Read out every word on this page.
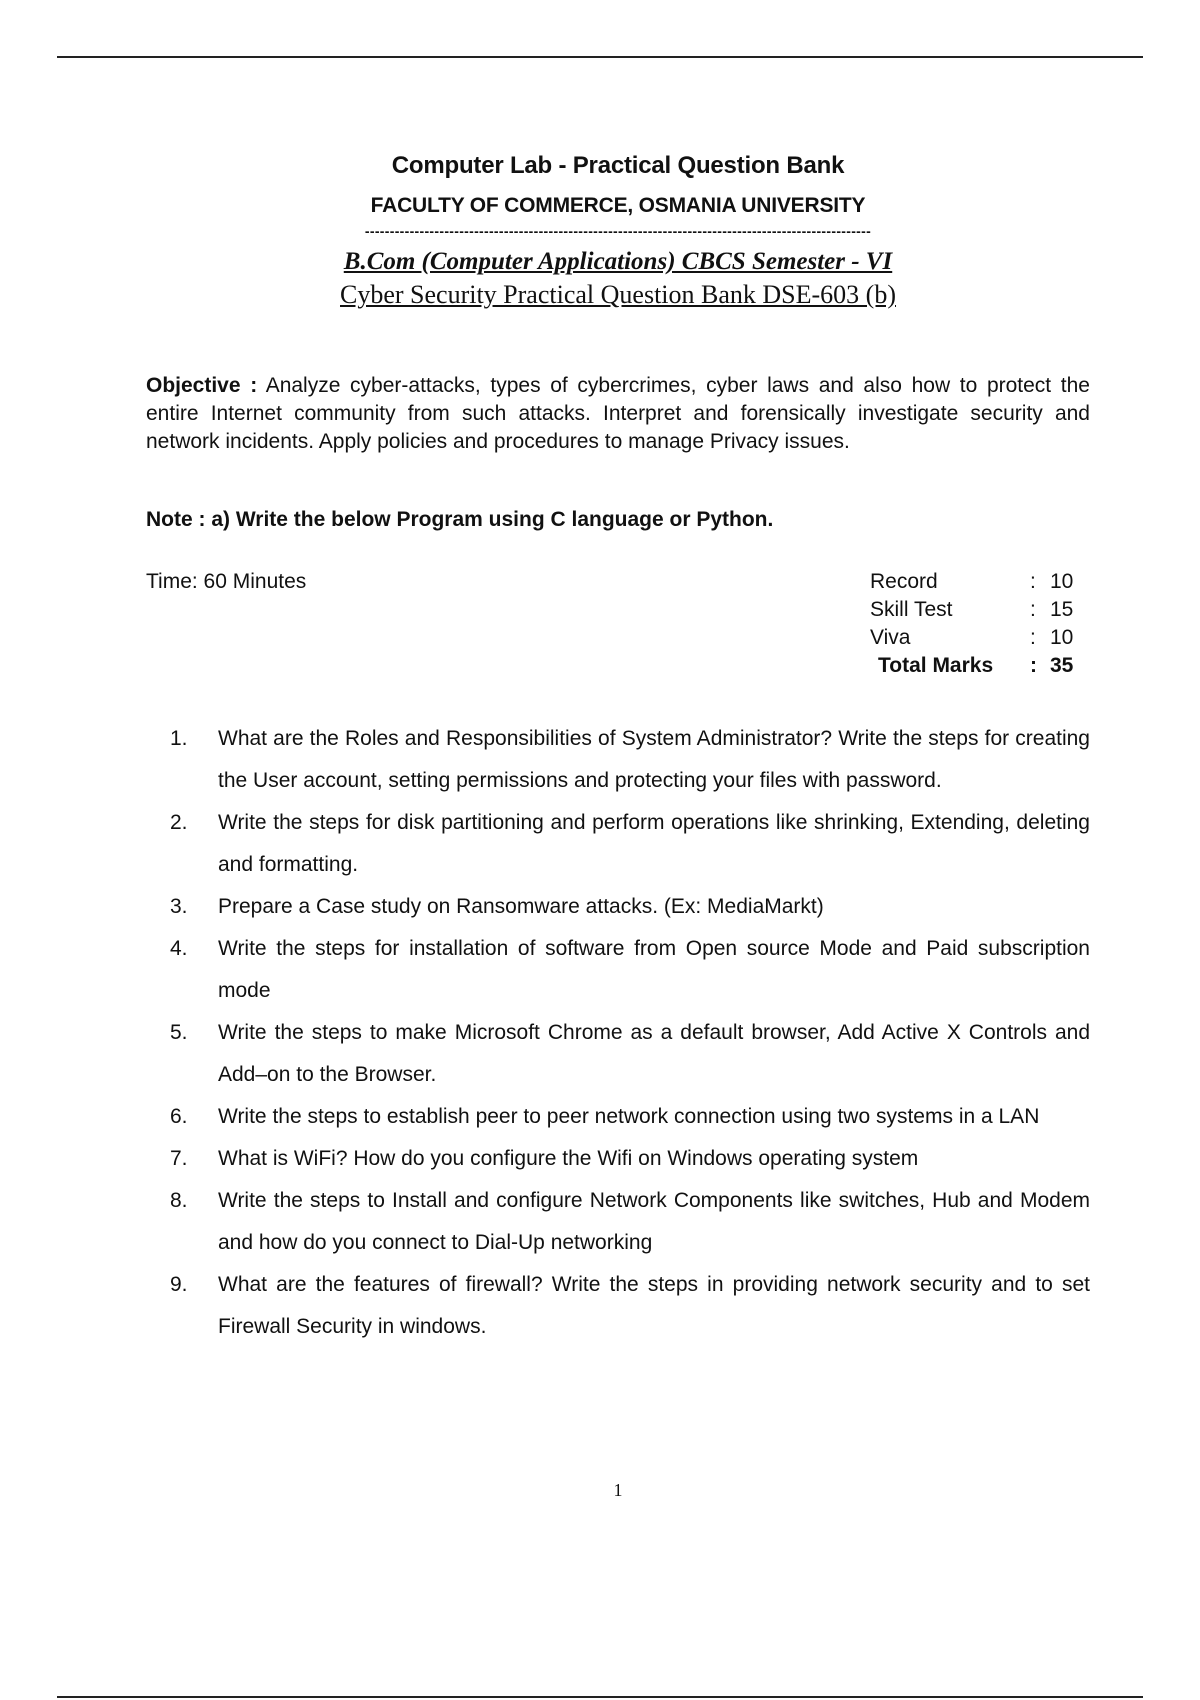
Computer Lab - Practical Question Bank
FACULTY OF COMMERCE, OSMANIA UNIVERSITY
------------------------------------------------------------------------------------------------------
B.Com (Computer Applications) CBCS Semester - VI
Cyber Security Practical Question Bank DSE-603 (b)
Objective : Analyze cyber-attacks, types of cybercrimes, cyber laws and also how to protect the entire Internet community from such attacks. Interpret and forensically investigate security and network incidents. Apply policies and procedures to manage Privacy issues.
Note : a) Write the below Program using C language or Python.
Time: 60 Minutes	Record	: 10
Skill Test	: 15
Viva	: 10
Total Marks	: 35
1.	What are the Roles and Responsibilities of System Administrator? Write the steps for creating the User account, setting permissions and protecting your files with password.
2.	Write the steps for disk partitioning and perform operations like shrinking, Extending, deleting and formatting.
3.	Prepare a Case study on Ransomware attacks. (Ex: MediaMarkt)
4.	Write the steps for installation of software from Open source Mode and Paid subscription mode
5.	Write the steps to make Microsoft Chrome as a default browser, Add Active X Controls and Add–on to the Browser.
6.	Write the steps to establish peer to peer network connection using two systems in a LAN
7.	What is WiFi? How do you configure the Wifi on Windows operating system
8.	Write the steps to Install and configure Network Components like switches, Hub and Modem and how do you connect to Dial-Up networking
9.	What are the features of firewall? Write the steps in providing network security and to set Firewall Security in windows.
1
